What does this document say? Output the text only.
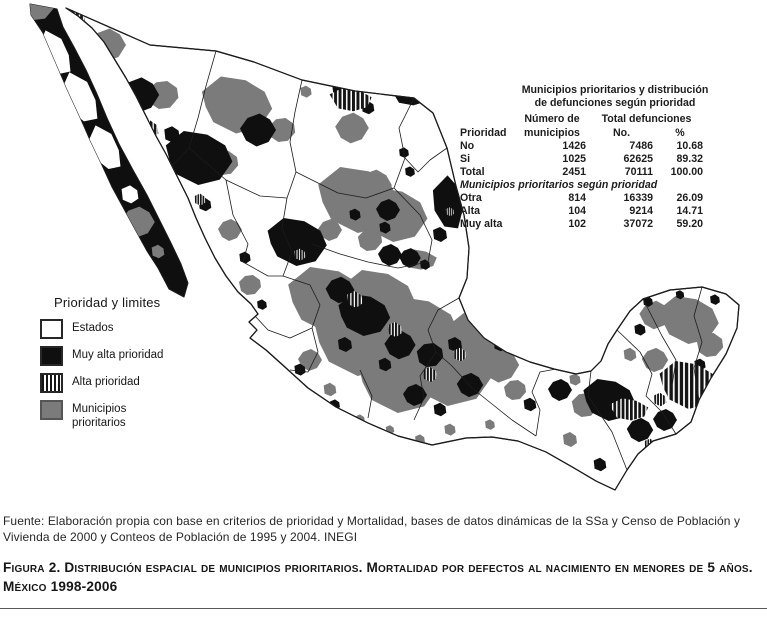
Prioridad y limites
Estados
Muy alta prioridad
Alta prioridad
Municipios prioritarios
Municipios prioritarios y distribución
de defunciones según prioridad
	Número de	Total defunciones	
Prioridad	municipios	No.	%
No	1426	7486	10.68
Si	1025	62625	89.32
Total	2451	70111	100.00
Municipios prioritarios según prioridad			
Otra	814	16339	26.09
Alta	104	9214	14.71
Muy alta	102	37072	59.20
Fuente: Elaboración propia con base en criterios de prioridad y Mortalidad, bases de datos dinámicas de la SSa y Censo de Población y Vivienda de 2000 y Conteos de Población de 1995 y 2004. INEGI
Figura 2. Distribución espacial de municipios prioritarios. Mortalidad por defectos al nacimiento en menores de 5 años. México 1998-2006
